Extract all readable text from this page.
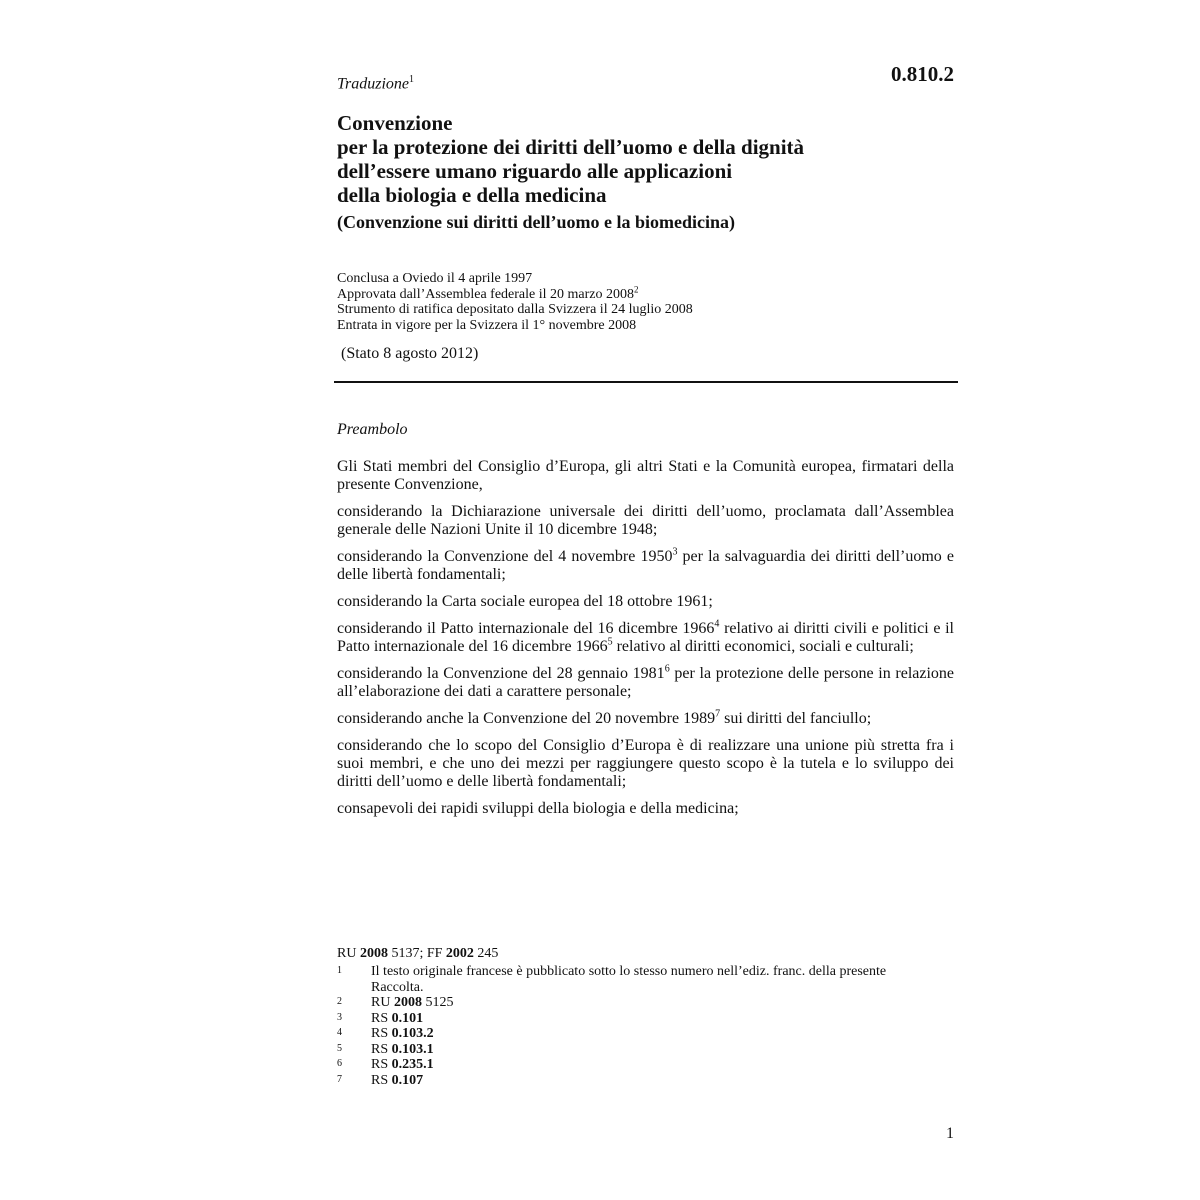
0.810.2
Traduzione$^1$
Convenzione
per la protezione dei diritti dell’uomo e della dignità
dell’essere umano riguardo alle applicazioni
della biologia e della medicina
(Convenzione sui diritti dell’uomo e la biomedicina)
Conclusa a Oviedo il 4 aprile 1997
Approvata dall’Assemblea federale il 20 marzo 2008$^2$
Strumento di ratifica depositato dalla Svizzera il 24 luglio 2008
Entrata in vigore per la Svizzera il 1° novembre 2008
(Stato 8 agosto 2012)
Preambolo

Gli Stati membri del Consiglio d’Europa, gli altri Stati e la Comunità europea, firmatari della presente Convenzione,

considerando la Dichiarazione universale dei diritti dell’uomo, proclamata dall’Assemblea generale delle Nazioni Unite il 10 dicembre 1948;

considerando la Convenzione del 4 novembre 1950$^3$ per la salvaguardia dei diritti dell’uomo e delle libertà fondamentali;

considerando la Carta sociale europea del 18 ottobre 1961;

considerando il Patto internazionale del 16 dicembre 1966$^4$ relativo ai diritti civili e politici e il Patto internazionale del 16 dicembre 1966$^5$ relativo al diritti economici, sociali e culturali;

considerando la Convenzione del 28 gennaio 1981$^6$ per la protezione delle persone in relazione all’elaborazione dei dati a carattere personale;

considerando anche la Convenzione del 20 novembre 1989$^7$ sui diritti del fanciullo;

considerando che lo scopo del Consiglio d’Europa è di realizzare una unione più stretta fra i suoi membri, e che uno dei mezzi per raggiungere questo scopo è la tutela e lo sviluppo dei diritti dell’uomo e delle libertà fondamentali;

consapevoli dei rapidi sviluppi della biologia e della medicina;

RU 2008 5137; FF 2002 245
1	Il testo originale francese è pubblicato sotto lo stesso numero nell’ediz. franc. della presente Raccolta.
2	RU 2008 5125
3	RS 0.101
4	RS 0.103.2
5	RS 0.103.1
6	RS 0.235.1
7	RS 0.107
1
